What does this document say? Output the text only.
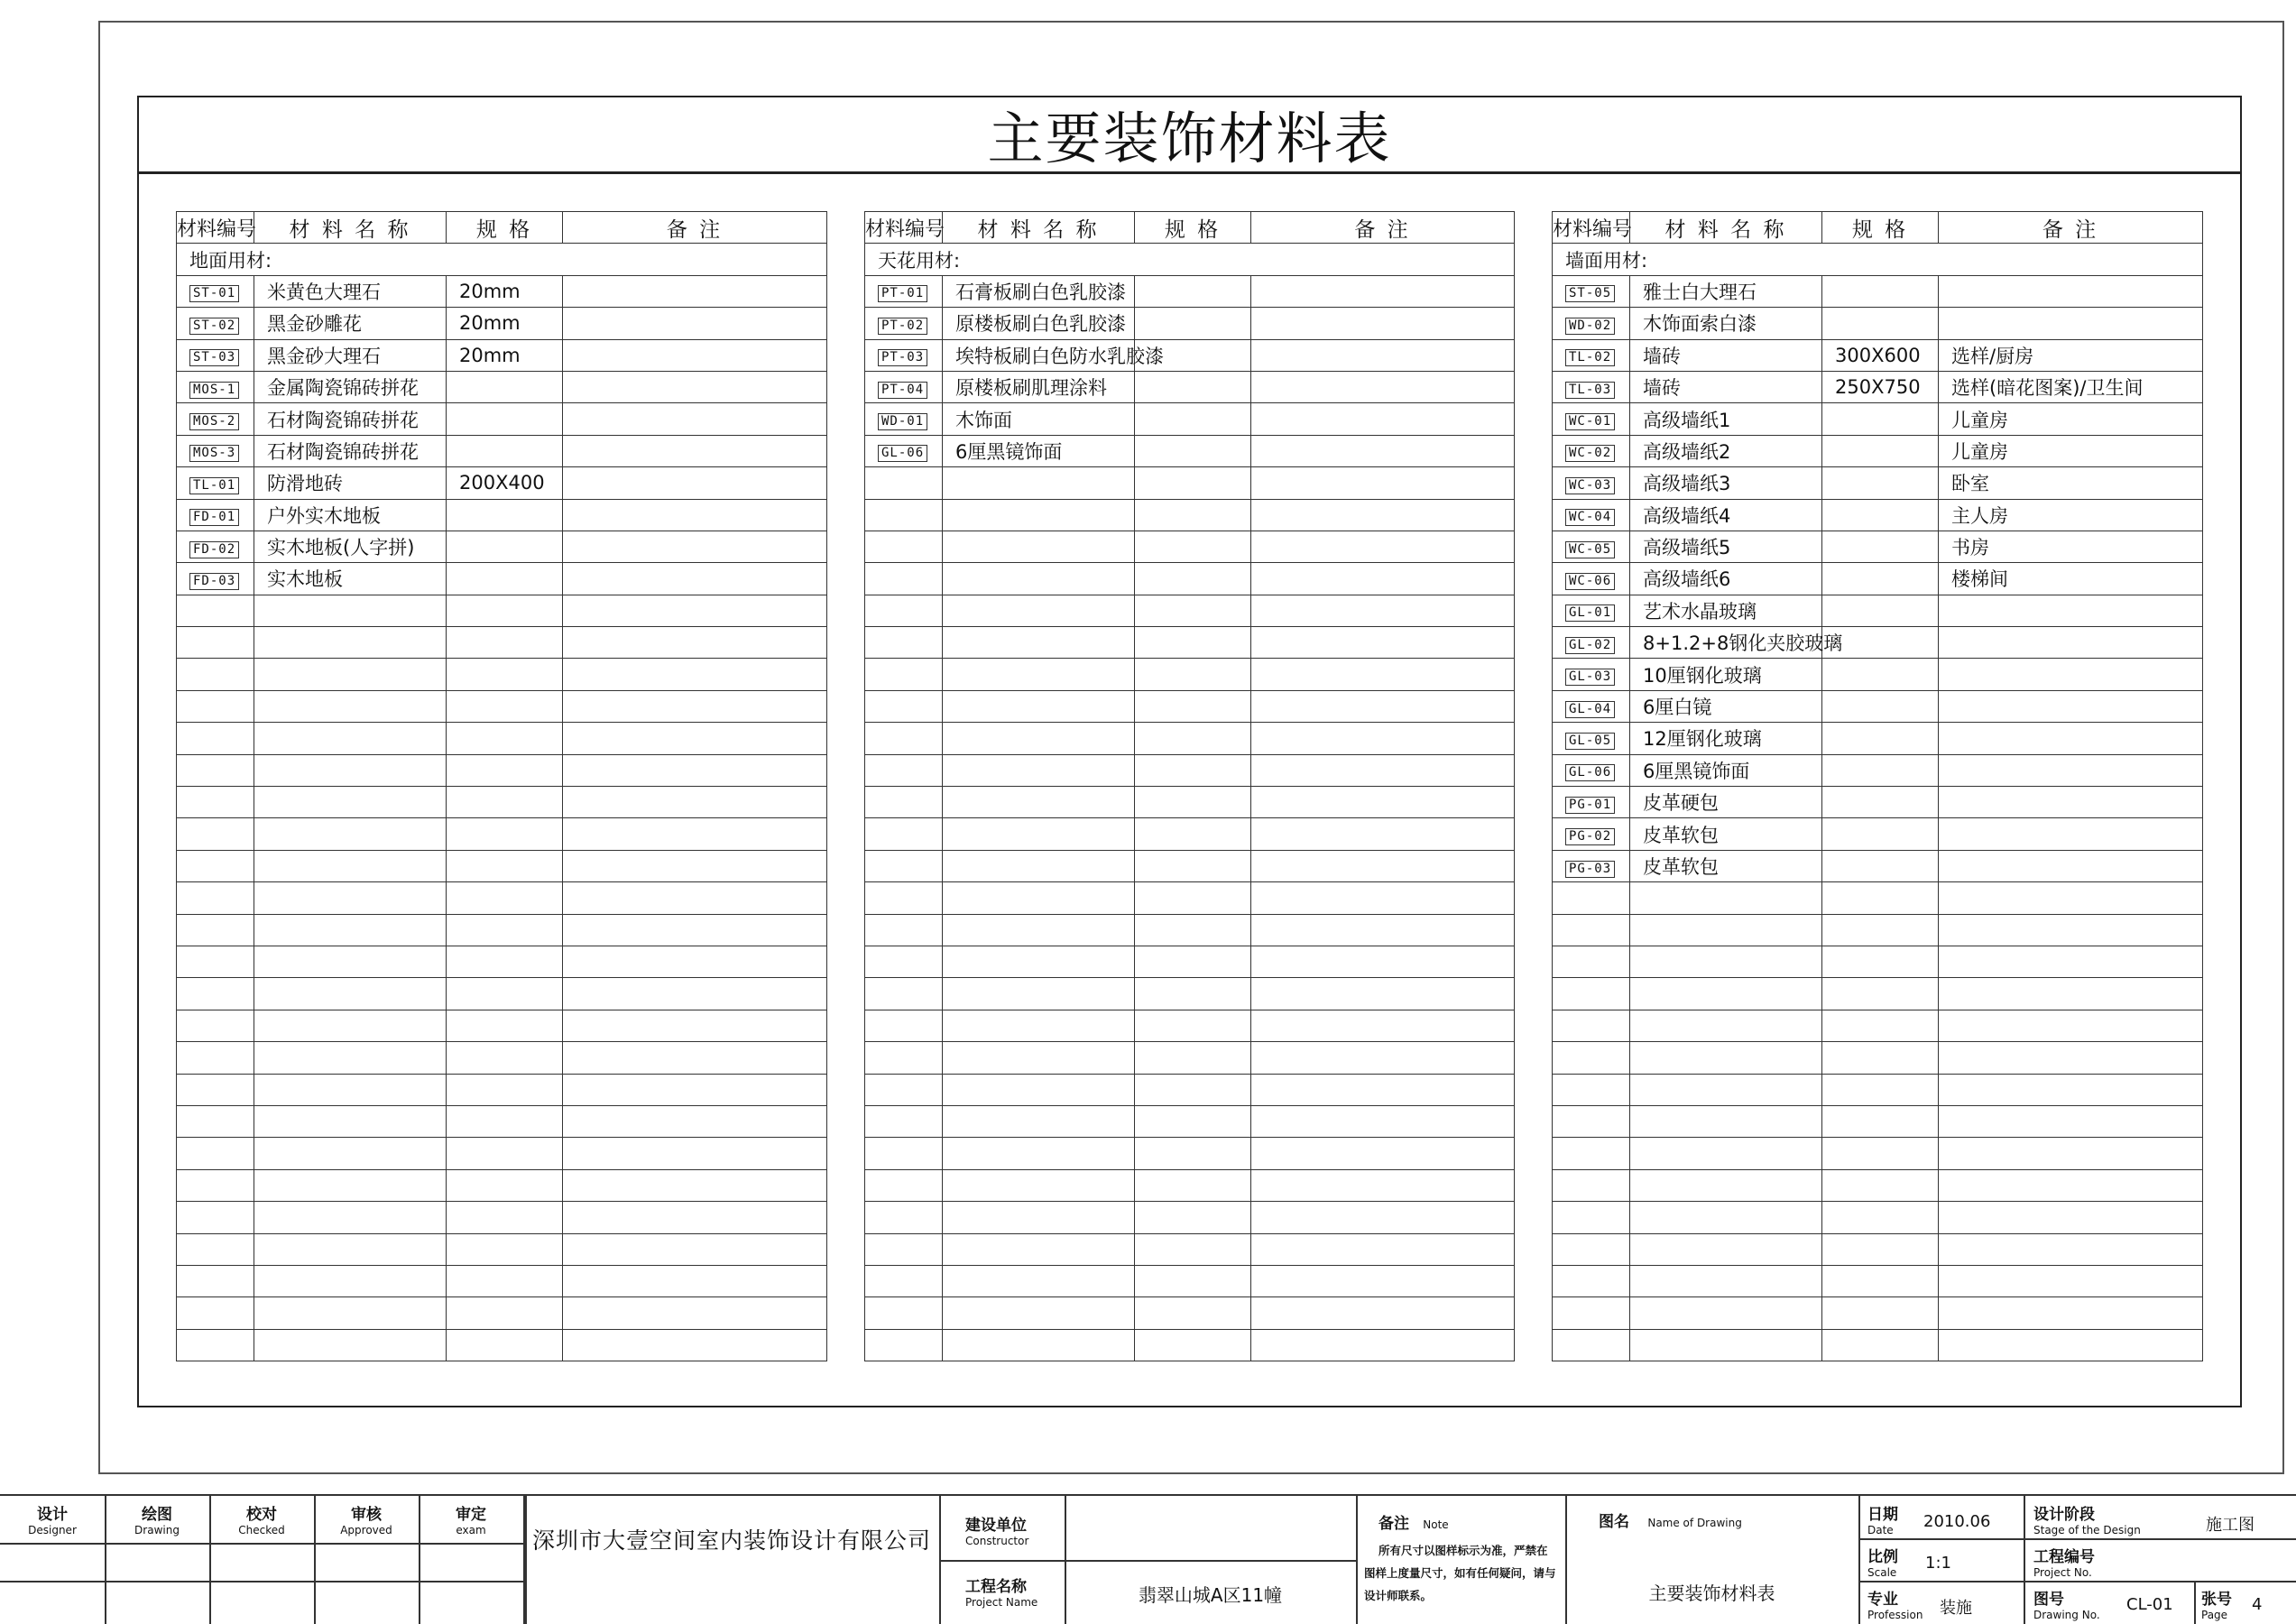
主要装饰材料表
材料编号	材 料 名 称	规 格	备 注
地面用材:			
ST-01	米黄色大理石	20mm	
ST-02	黑金砂雕花	20mm	
ST-03	黑金砂大理石	20mm	
MOS-1	金属陶瓷锦砖拼花		
MOS-2	石材陶瓷锦砖拼花		
MOS-3	石材陶瓷锦砖拼花		
TL-01	防滑地砖	200X400	
FD-01	户外实木地板		
FD-02	实木地板(人字拼)		
FD-03	实木地板		

材料编号	材 料 名 称	规 格	备 注
天花用材:			
PT-01	石膏板刷白色乳胶漆		
PT-02	原楼板刷白色乳胶漆		
PT-03	埃特板刷白色防水乳胶漆		
PT-04	原楼板刷肌理涂料		
WD-01	木饰面		
GL-06	6厘黑镜饰面		

材料编号	材 料 名 称	规 格	备 注
墙面用材:			
ST-05	雅士白大理石		
WD-02	木饰面索白漆		
TL-02	墙砖	300X600	选样/厨房
TL-03	墙砖	250X750	选样(暗花图案)/卫生间
WC-01	高级墙纸1		儿童房
WC-02	高级墙纸2		儿童房
WC-03	高级墙纸3		卧室
WC-04	高级墙纸4		主人房
WC-05	高级墙纸5		书房
WC-06	高级墙纸6		楼梯间
GL-01	艺术水晶玻璃		
GL-02	8+1.2+8钢化夹胶玻璃		
GL-03	10厘钢化玻璃		
GL-04	6厘白镜		
GL-05	12厘钢化玻璃		
GL-06	6厘黑镜饰面		
PG-01	皮革硬包		
PG-02	皮革软包		
PG-03	皮革软包		

设计
Designer
绘图
Drawing
校对
Checked
审核
Approved
审定
exam	深圳市大壹空间室内装饰设计有限公司
建设单位
Constructor
工程名称
Project Name	翡翠山城A区11幢
备注 Note
所有尺寸以图样标示为准，严禁在
图样上度量尺寸，如有任何疑问，请与
设计师联系。
图名 Name of Drawing
主要装饰材料表
日期
Date 2010.06
比例
Scale 1:1
专业
Profession 装施
设计阶段
Stage of the Design	施工图
工程编号
Project No.
图号
Drawing No.
CL-01 张号
Page
4
